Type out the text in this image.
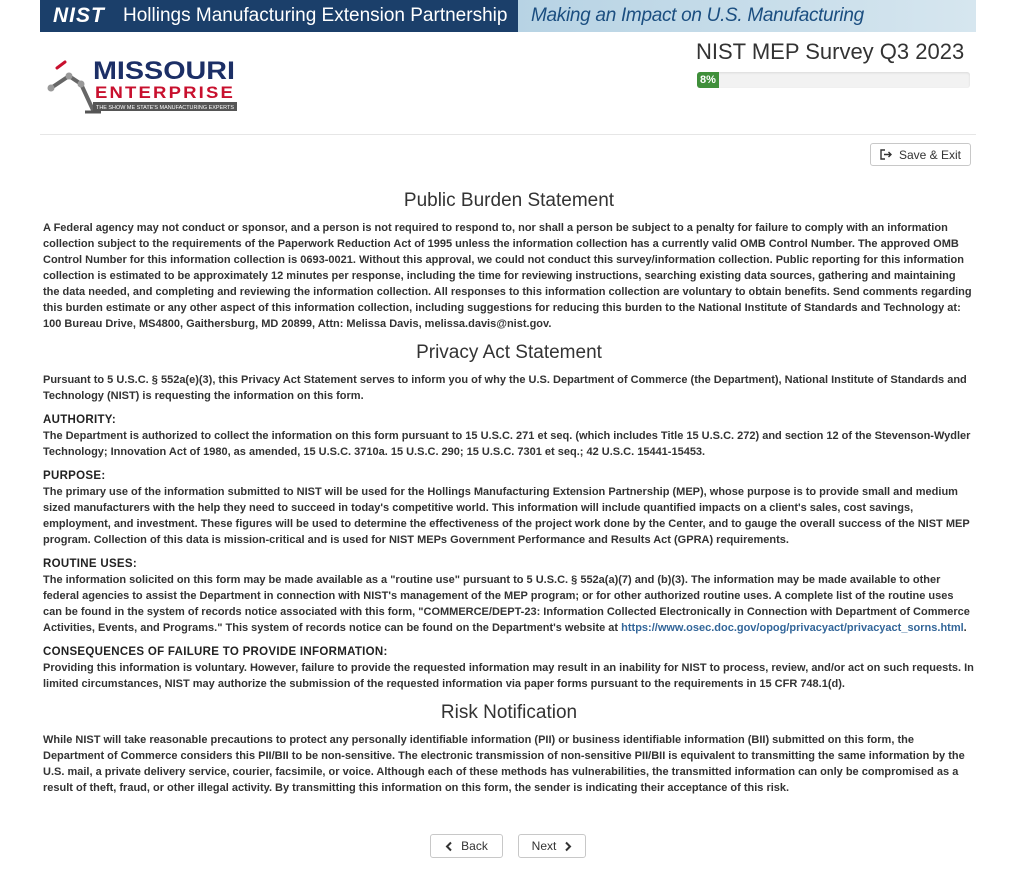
NIST Hollings Manufacturing Extension Partnership	Making an Impact on U.S. Manufacturing
MISSOURI
ENTERPRISE
THE SHOW ME STATE'S MANUFACTURING EXPERTS
NIST MEP Survey Q3 2023
8%
Save & Exit
Public Burden Statement

A Federal agency may not conduct or sponsor, and a person is not required to respond to, nor shall a person be subject to a penalty for failure to comply with an information collection subject to the requirements of the Paperwork Reduction Act of 1995 unless the information collection has a currently valid OMB Control Number. The approved OMB Control Number for this information collection is 0693-0021. Without this approval, we could not conduct this survey/information collection. Public reporting for this information collection is estimated to be approximately 12 minutes per response, including the time for reviewing instructions, searching existing data sources, gathering and maintaining the data needed, and completing and reviewing the information collection. All responses to this information collection are voluntary to obtain benefits. Send comments regarding this burden estimate or any other aspect of this information collection, including suggestions for reducing this burden to the National Institute of Standards and Technology at: 100 Bureau Drive, MS4800, Gaithersburg, MD 20899, Attn: Melissa Davis, melissa.davis@nist.gov.

Privacy Act Statement

Pursuant to 5 U.S.C. § 552a(e)(3), this Privacy Act Statement serves to inform you of why the U.S. Department of Commerce (the Department), National Institute of Standards and Technology (NIST) is requesting the information on this form.

AUTHORITY:

The Department is authorized to collect the information on this form pursuant to 15 U.S.C. 271 et seq. (which includes Title 15 U.S.C. 272) and section 12 of the Stevenson-Wydler Technology; Innovation Act of 1980, as amended, 15 U.S.C. 3710a. 15 U.S.C. 290; 15 U.S.C. 7301 et seq.; 42 U.S.C. 15441-15453.

PURPOSE:

The primary use of the information submitted to NIST will be used for the Hollings Manufacturing Extension Partnership (MEP), whose purpose is to provide small and medium sized manufacturers with the help they need to succeed in today's competitive world. This information will include quantified impacts on a client's sales, cost savings, employment, and investment. These figures will be used to determine the effectiveness of the project work done by the Center, and to gauge the overall success of the NIST MEP program. Collection of this data is mission-critical and is used for NIST MEPs Government Performance and Results Act (GPRA) requirements.

ROUTINE USES:

The information solicited on this form may be made available as a "routine use" pursuant to 5 U.S.C. § 552a(a)(7) and (b)(3). The information may be made available to other federal agencies to assist the Department in connection with NIST's management of the MEP program; or for other authorized routine uses. A complete list of the routine uses can be found in the system of records notice associated with this form, "COMMERCE/DEPT-23: Information Collected Electronically in Connection with Department of Commerce Activities, Events, and Programs." This system of records notice can be found on the Department's website at https://www.osec.doc.gov/opog/privacyact/privacyact_sorns.html.

CONSEQUENCES OF FAILURE TO PROVIDE INFORMATION:

Providing this information is voluntary. However, failure to provide the requested information may result in an inability for NIST to process, review, and/or act on such requests. In limited circumstances, NIST may authorize the submission of the requested information via paper forms pursuant to the requirements in 15 CFR 748.1(d).

Risk Notification

While NIST will take reasonable precautions to protect any personally identifiable information (PII) or business identifiable information (BII) submitted on this form, the Department of Commerce considers this PII/BII to be non-sensitive. The electronic transmission of non-sensitive PII/BII is equivalent to transmitting the same information by the U.S. mail, a private delivery service, courier, facsimile, or voice. Although each of these methods has vulnerabilities, the transmitted information can only be compromised as a result of theft, fraud, or other illegal activity. By transmitting this information on this form, the sender is indicating their acceptance of this risk.

Back	Next
